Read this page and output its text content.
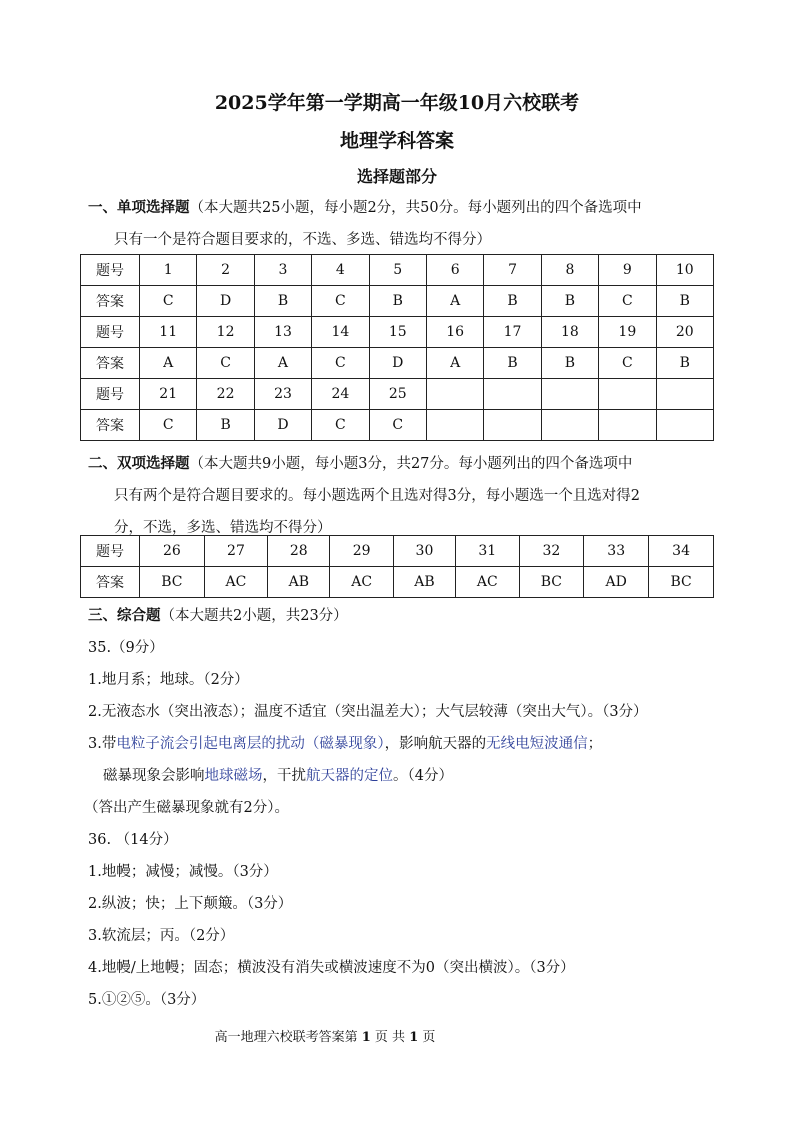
2025学年第一学期高一年级10月六校联考
地理学科答案
选择题部分
一、单项选择题（本大题共25小题，每小题2分，共50分。每小题列出的四个备选项中
只有一个是符合题目要求的，不选、多选、错选均不得分）
题号	1	2	3	4	5	6	7	8	9	10
答案	C	D	B	C	B	A	B	B	C	B
题号	11	12	13	14	15	16	17	18	19	20
答案	A	C	A	C	D	A	B	B	C	B
题号	21	22	23	24	25					
答案	C	B	D	C	C					
二、双项选择题（本大题共9小题，每小题3分，共27分。每小题列出的四个备选项中
只有两个是符合题目要求的。每小题选两个且选对得3分，每小题选一个且选对得2
分，不选，多选、错选均不得分）
题号	26	27	28	29	30	31	32	33	34
答案	BC	AC	AB	AC	AB	AC	BC	AD	BC
三、综合题（本大题共2小题，共23分）
35.（9分）
1.地月系；地球。（2分）
2.无液态水（突出液态）；温度不适宜（突出温差大）；大气层较薄（突出大气）。（3分）
3.带电粒子流会引起电离层的扰动（磁暴现象），影响航天器的无线电短波通信；
磁暴现象会影响地球磁场，干扰航天器的定位。（4分）
（答出产生磁暴现象就有2分）。
36. （14分）
1.地幔；减慢；减慢。（3分）
2.纵波；快；上下颠簸。（3分）
3.软流层；丙。（2分）
4.地幔/上地幔；固态；横波没有消失或横波速度不为0（突出横波）。（3分）
5.①②⑤。（3分）
高一地理六校联考答案第 1 页 共 1 页
